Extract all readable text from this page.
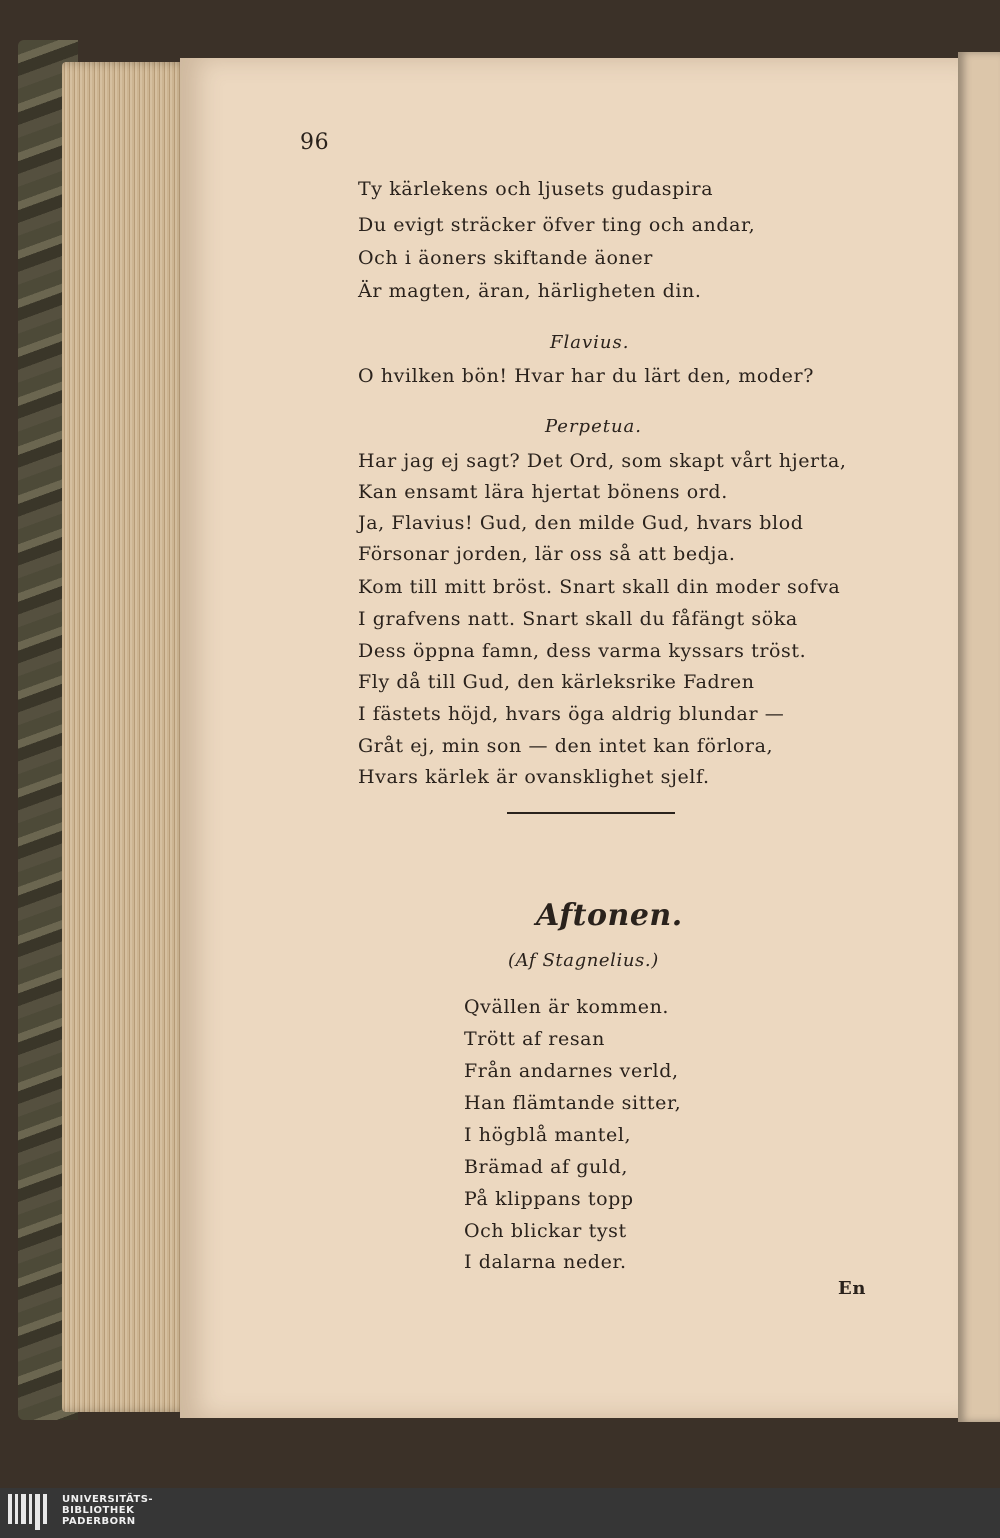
96
Ty kärlekens och ljusets gudaspira
Du evigt sträcker öfver ting och andar,
Och i äoners skiftande äoner
Är magten, äran, härligheten din.
Flavius.
O hvilken bön! Hvar har du lärt den, moder?
Perpetua.
Har jag ej sagt? Det Ord, som skapt vårt hjerta,
Kan ensamt lära hjertat bönens ord.
Ja, Flavius! Gud, den milde Gud, hvars blod
Försonar jorden, lär oss så att bedja.
Kom till mitt bröst. Snart skall din moder sofva
I grafvens natt. Snart skall du fåfängt söka
Dess öppna famn, dess varma kyssars tröst.
Fly då till Gud, den kärleksrike Fadren
I fästets höjd, hvars öga aldrig blundar —
Gråt ej, min son — den intet kan förlora,
Hvars kärlek är ovansklighet sjelf.
Aftonen.
(Af Stagnelius.)
Qvällen är kommen.
Trött af resan
Från andarnes verld,
Han flämtande sitter,
I högblå mantel,
Brämad af guld,
På klippans topp
Och blickar tyst
I dalarna neder.
En
UNIVERSITÄTS-
BIBLIOTHEK
PADERBORN
